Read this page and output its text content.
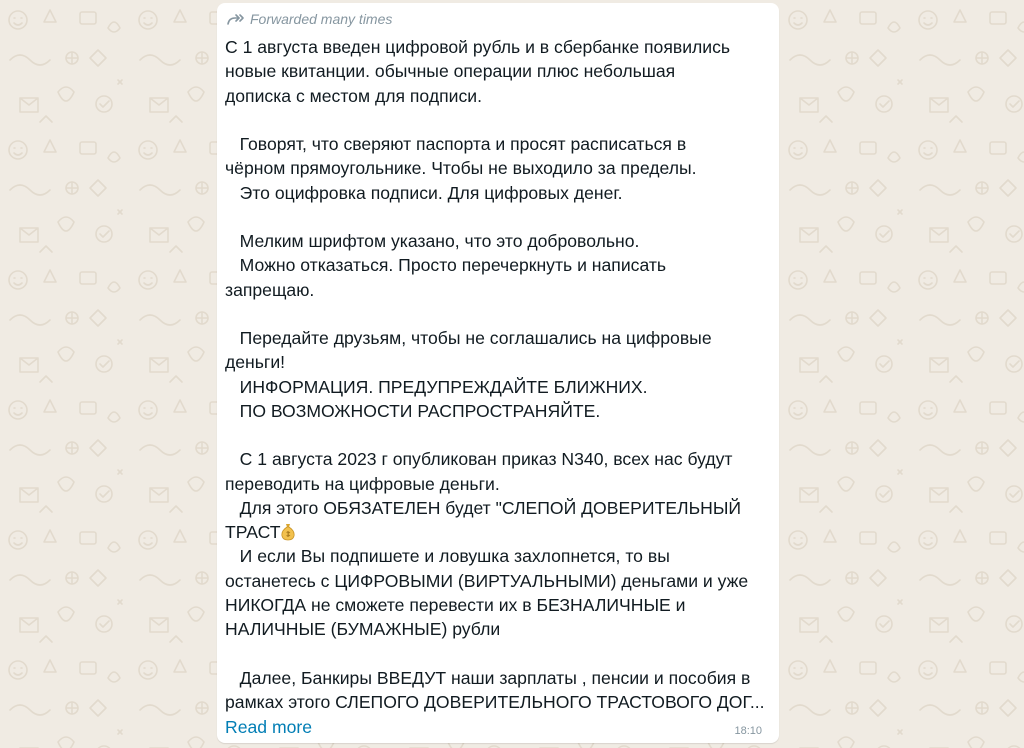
Forwarded many times
С 1 августа введен цифровой рубль и в сбербанке появились
новые квитанции. обычные операции плюс небольшая
допиcка с местом для подписи.
Говорят, что сверяют паспорта и просят расписаться в
чёрном прямоугольнике. Чтобы не выходило за пределы.
Это оцифровка подписи. Для цифровых денег.
Мелким шрифтом указано, что это добровольно.
Можно отказаться. Просто перечеркнуть и написать
запрещаю.
Передайте друзьям, чтобы не соглашались на цифровые
деньги!
ИНФОРМАЦИЯ. ПРЕДУПРЕЖДАЙТЕ БЛИЖНИХ.
ПО ВОЗМОЖНОСТИ РАСПРОСТРАНЯЙТЕ.
С 1 августа 2023 г опубликован приказ N340, всех нас будут
переводить на цифровые деньги.
Для этого ОБЯЗАТЕЛЕН будет "СЛЕПОЙ ДОВЕРИТЕЛЬНЫЙ
ТРАСТ
И если Вы подпишете и ловушка захлопнется, то вы
останетесь с ЦИФРОВЫМИ (ВИРТУАЛЬНЫМИ) деньгами и уже
НИКОГДА не сможете перевести их в БЕЗНАЛИЧНЫЕ и
НАЛИЧНЫЕ (БУМАЖНЫЕ) рубли
Далее, Банкиры ВВЕДУТ наши зарплаты , пенсии и пособия в
рамках этого СЛЕПОГО ДОВЕРИТЕЛЬНОГО ТРАСТОВОГО ДОГ...
Read more	18:10
